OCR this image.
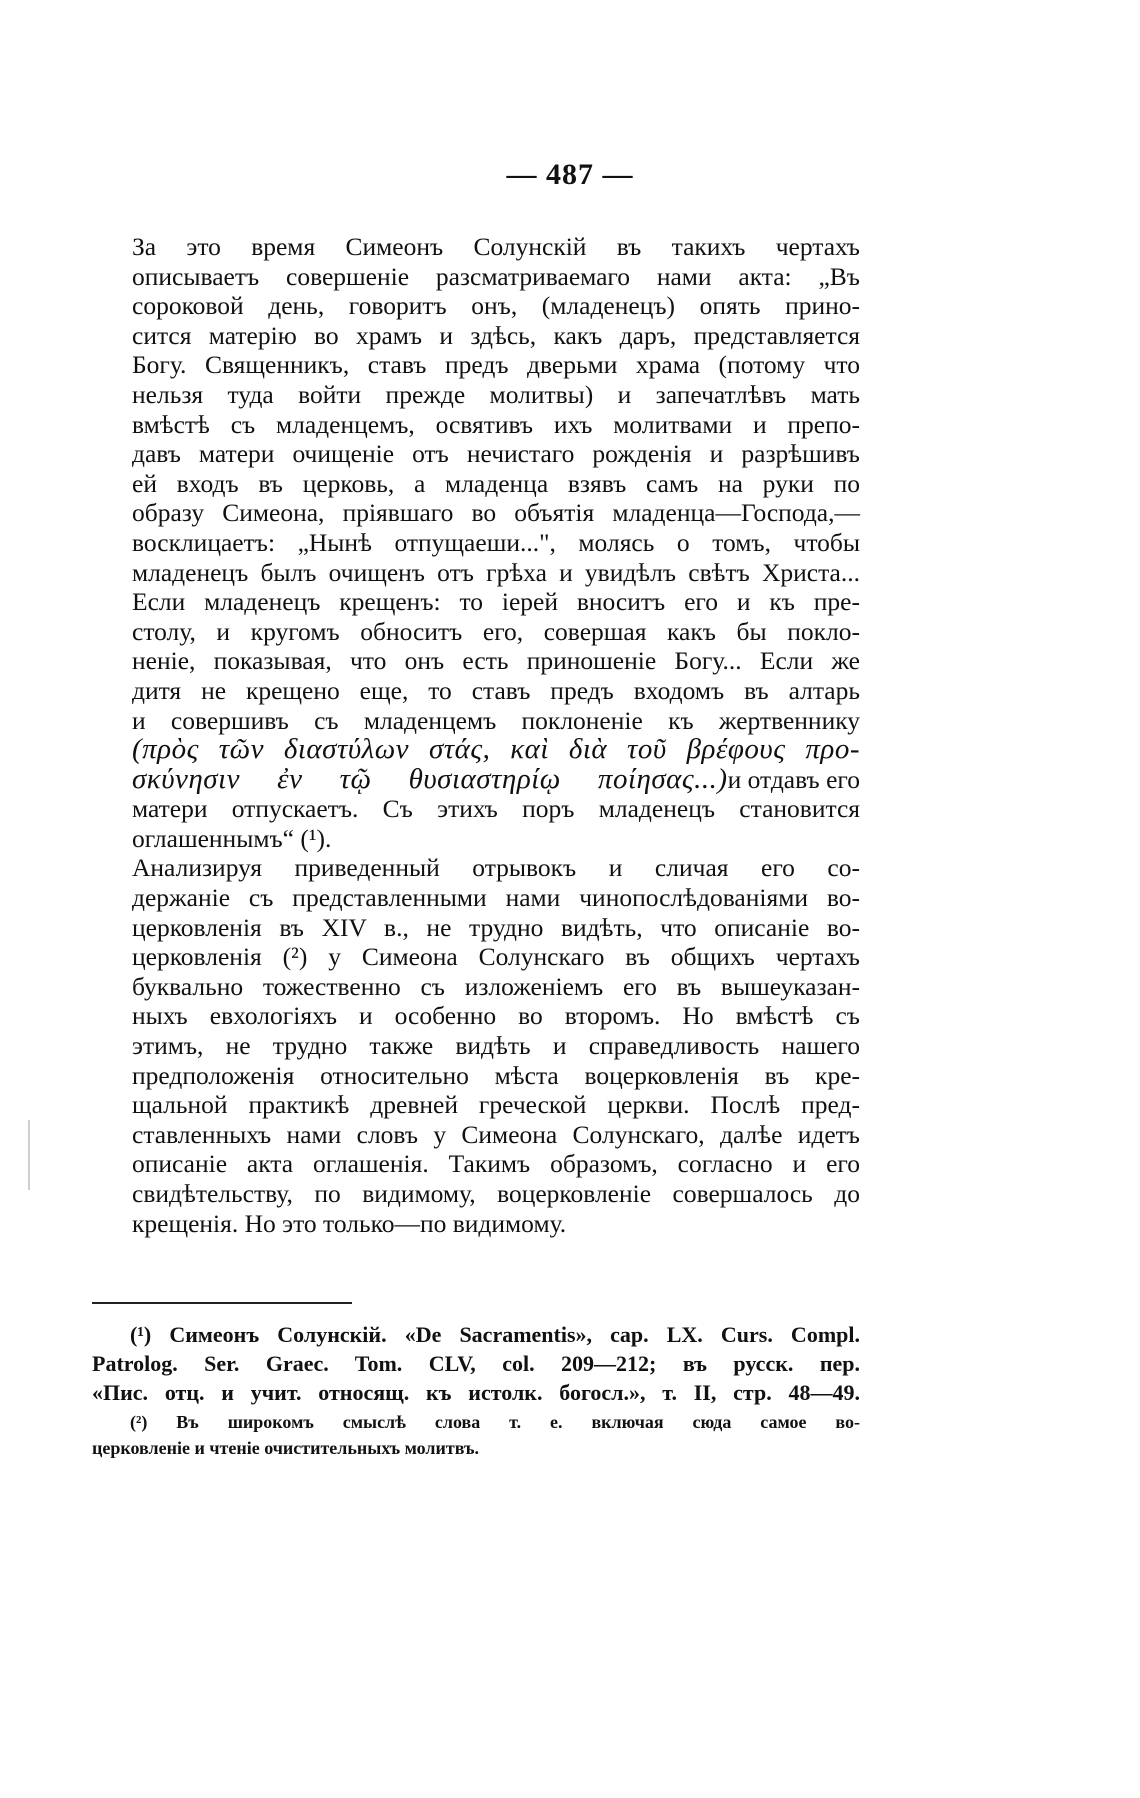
— 487 —
За это время Симеонъ Солунскій въ такихъ чертахъ
описываетъ совершеніе разсматриваемаго нами акта: „Въ
сороковой день, говоритъ онъ, (младенецъ) опять прино-
сится матерію во храмъ и здѣсь, какъ даръ, представляется
Богу. Священникъ, ставъ предъ дверьми храма (потому что
нельзя туда войти прежде молитвы) и запечатлѣвъ мать
вмѣстѣ съ младенцемъ, освятивъ ихъ молитвами и препо-
давъ матери очищеніе отъ нечистаго рожденія и разрѣшивъ
ей входъ въ церковь, а младенца взявъ самъ на руки по
образу Симеона, пріявшаго во объятія младенца—Господа,—
восклицаетъ: „Нынѣ отпущаеши...", молясь о томъ, чтобы
младенецъ былъ очищенъ отъ грѣха и увидѣлъ свѣтъ Христа...
Если младенецъ крещенъ: то іерей вноситъ его и къ пре-
столу, и кругомъ обноситъ его, совершая какъ бы покло-
неніе, показывая, что онъ есть приношеніе Богу... Если же
дитя не крещено еще, то ставъ предъ входомъ въ алтарь
и совершивъ съ младенцемъ поклоненіе къ жертвеннику
(πρὸς τῶν διαστύλων στάς, καὶ διὰ τοῦ βρέφους προ-
σκύνησιν ἐν τῷ θυσιαστηρίῳ ποίησας...) и отдавъ его
матери отпускаетъ. Съ этихъ поръ младенецъ становится
оглашеннымъ“ (¹).
Анализируя приведенный отрывокъ и сличая его со-
держаніе съ представленными нами чинопослѣдованіями во-
церковленія въ XIV в., не трудно видѣть, что описаніе во-
церковленія (²) у Симеона Солунскаго въ общихъ чертахъ
буквально тожественно съ изложеніемъ его въ вышеуказан-
ныхъ евхологіяхъ и особенно во второмъ. Но вмѣстѣ съ
этимъ, не трудно также видѣть и справедливость нашего
предположенія относительно мѣста воцерковленія въ кре-
щальной практикѣ древней греческой церкви. Послѣ пред-
ставленныхъ нами словъ у Симеона Солунскаго, далѣе идетъ
описаніе акта оглашенія. Такимъ образомъ, согласно и его
свидѣтельству, по видимому, воцерковленіе совершалось до
крещенія. Но это только—по видимому.
(¹) Симеонъ Солунскій. «De Sacramentis», cap. LX. Curs. Compl.
Patrolog. Ser. Graec. Tom. CLV, col. 209—212; въ русск. пер.
«Пис. отц. и учит. относящ. къ истолк. богосл.», т. II, стр. 48—49.
(²) Въ широкомъ смыслѣ слова т. е. включая сюда самое во-
церковленіе и чтеніе очистительныхъ молитвъ.
